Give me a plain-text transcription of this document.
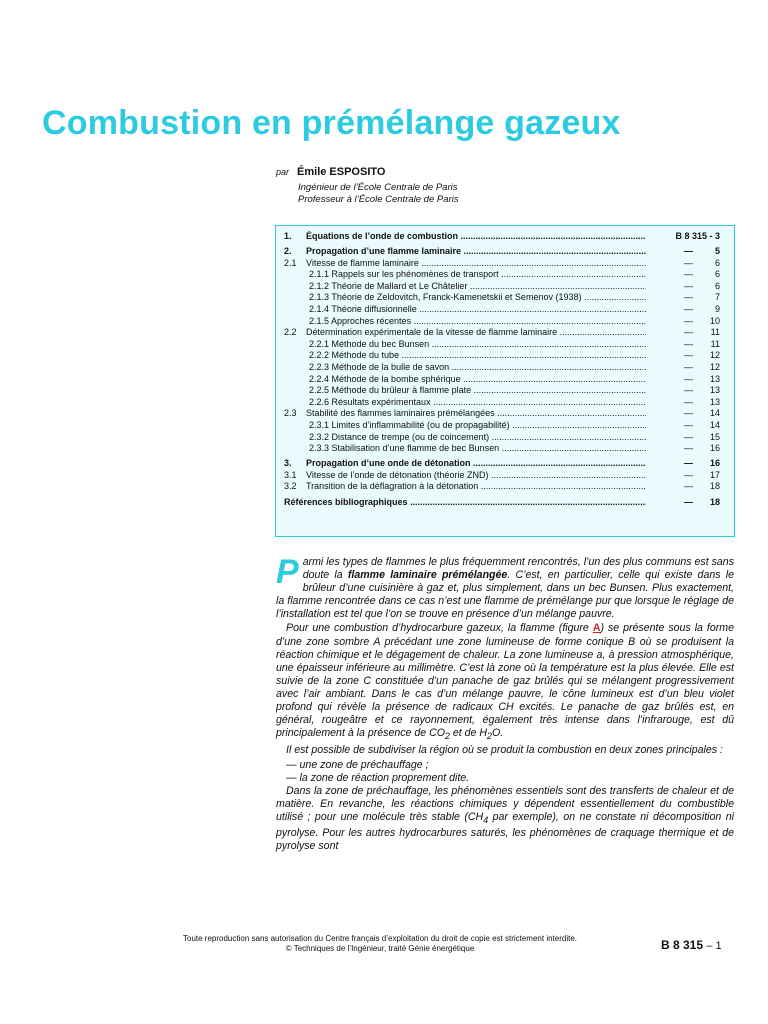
Combustion en prémélange gazeux
par Émile ESPOSITO
Ingénieur de l’École Centrale de Paris
Professeur à l’École Centrale de Paris
1. Équations de l’onde de combustion .....	B 8 315 - 3
2. Propagation d’une flamme laminaire .....	— 5
2.1 Vitesse de flamme laminaire .....	— 6
2.1.1 Rappels sur les phénomènes de transport .....	— 6
2.1.2 Théorie de Mallard et Le Châtelier .....	— 6
2.1.3 Théorie de Zeldovitch, Franck-Kamenetskii et Semenov (1938) .....	— 7
2.1.4 Théorie diffusionnelle .....	— 9
2.1.5 Approches récentes .....	— 10
2.2 Détermination expérimentale de la vitesse de flamme laminaire .....	— 11
2.2.1 Méthode du bec Bunsen .....	— 11
2.2.2 Méthode du tube .....	— 12
2.2.3 Méthode de la bulle de savon .....	— 12
2.2.4 Méthode de la bombe sphérique .....	— 13
2.2.5 Méthode du brûleur à flamme plate .....	— 13
2.2.6 Résultats expérimentaux .....	— 13
2.3 Stabilité des flammes laminaires prémélangées .....	— 14
2.3.1 Limites d’inflammabilité (ou de propagabilité) .....	— 14
2.3.2 Distance de trempe (ou de coincement) .....	— 15
2.3.3 Stabilisation d’une flamme de bec Bunsen .....	— 16
3. Propagation d’une onde de détonation .....	— 16
3.1 Vitesse de l’onde de détonation (théorie ZND) .....	— 17
3.2 Transition de la déflagration à la détonation .....	— 18
Références bibliographiques .....	— 18

Parmi les types de flammes le plus fréquemment rencontrés, l’un des plus communs est sans doute la flamme laminaire prémélangée. C’est, en particulier, celle qui existe dans le brûleur d’une cuisinière à gaz et, plus simplement, dans un bec Bunsen. Plus exactement, la flamme rencontrée dans ce cas n’est une flamme de prémélange pur que lorsque le réglage de l’installation est tel que l’on se trouve en présence d’un mélange pauvre.

Pour une combustion d’hydrocarbure gazeux, la flamme (figure A) se présente sous la forme d’une zone sombre A précédant une zone lumineuse de forme conique B où se produisent la réaction chimique et le dégagement de chaleur. La zone lumineuse a, à pression atmosphérique, une épaisseur inférieure au millimètre. C’est là zone où la température est la plus élevée. Elle est suivie de la zone C constituée d’un panache de gaz brûlés qui se mélangent progressivement avec l’air ambiant. Dans le cas d’un mélange pauvre, le cône lumineux est d’un bleu violet profond qui révèle la présence de radicaux CH excités. Le panache de gaz brûlés est, en général, rougeâtre et ce rayonnement, également très intense dans l’infrarouge, est dû principalement à la présence de $CO_2$ et de $H_2O$.

Il est possible de subdiviser la région où se produit la combustion en deux zones principales :

— une zone de préchauffage ;

— la zone de réaction proprement dite.

Dans la zone de préchauffage, les phénomènes essentiels sont des transferts de chaleur et de matière. En revanche, les réactions chimiques y dépendent essentiellement du combustible utilisé ; pour une molécule très stable ($CH_4$ par exemple), on ne constate ni décomposition ni pyrolyse. Pour les autres hydrocarbures saturés, les phénomènes de craquage thermique et de pyrolyse sont

Toute reproduction sans autorisation du Centre français d’exploitation du droit de copie est strictement interdite.
© Techniques de l’Ingénieur, traité Génie énergétique	B 8 315 – 1
